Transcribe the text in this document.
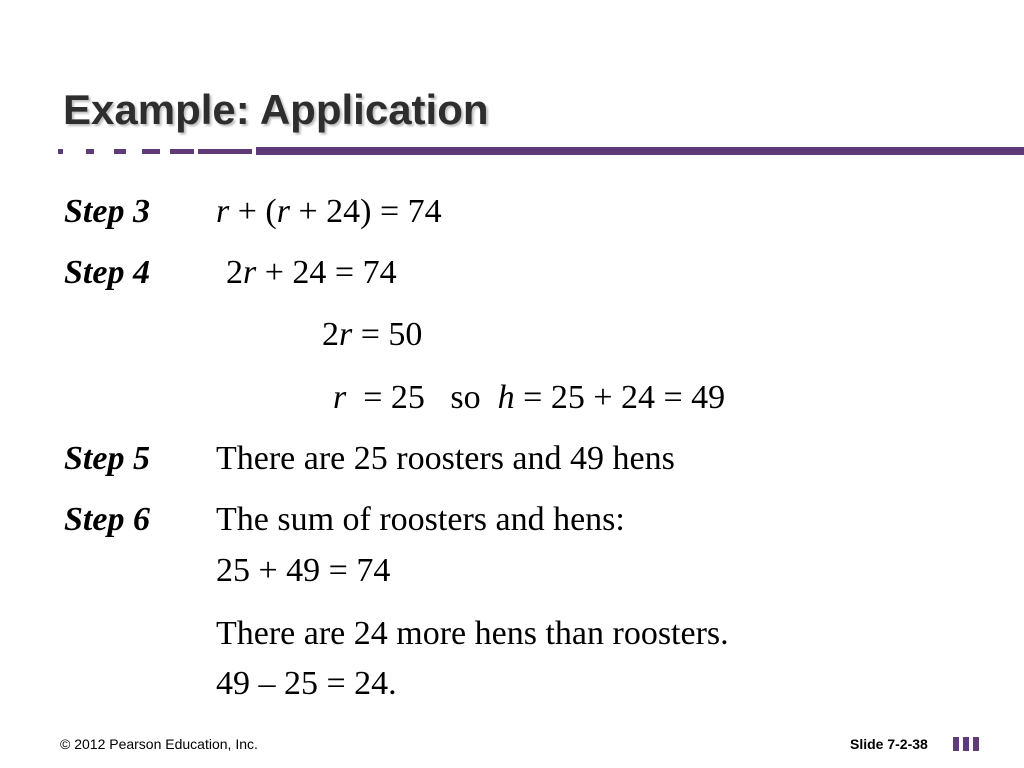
Example: Application
Step 3 r + (r + 24) = 74
Step 4 2r + 24 = 74
2r = 50
r  = 25   so  h = 25 + 24 = 49
Step 5 There are 25 roosters and 49 hens
Step 6 The sum of roosters and hens:
25 + 49 = 74
There are 24 more hens than roosters.
49 – 25 = 24.
© 2012 Pearson Education, Inc.	Slide 7-2-38
